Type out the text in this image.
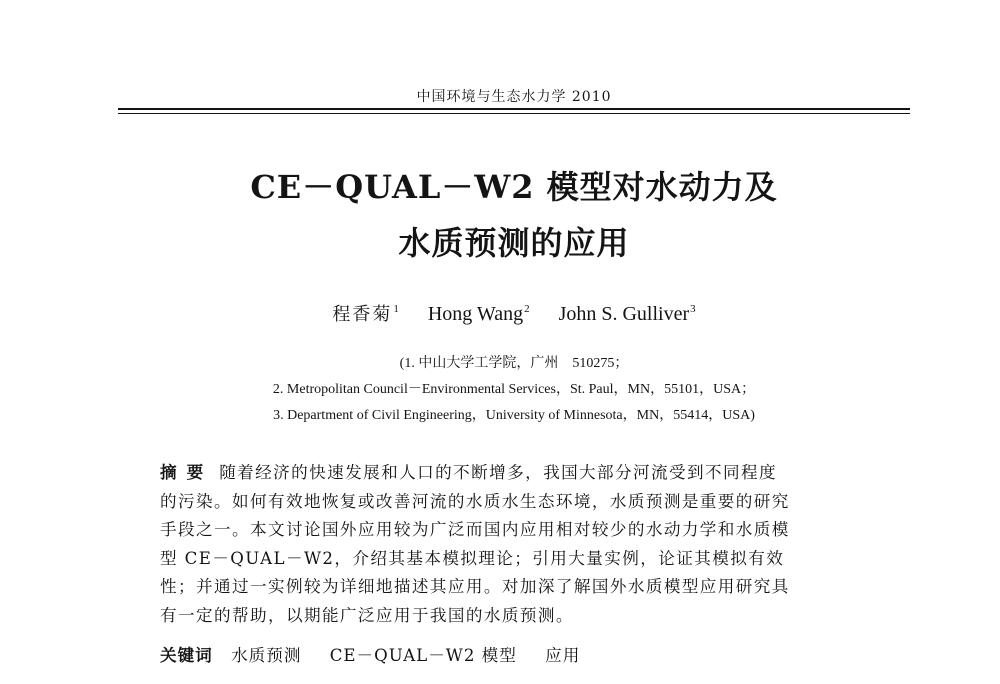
中国环境与生态水力学 2010
CE－QUAL－W2 模型对水动力及
水质预测的应用
程香菊$^1$ Hong Wang$^2$ John S. Gulliver$^3$
(1. 中山大学工学院，广州　510275；
2. Metropolitan Council－Environmental Services，St. Paul，MN，55101，USA；
3. Department of Civil Engineering，University of Minnesota，MN，55414，USA)
摘要 随着经济的快速发展和人口的不断增多，我国大部分河流受到不同程度
的污染。如何有效地恢复或改善河流的水质水生态环境，水质预测是重要的研究
手段之一。本文讨论国外应用较为广泛而国内应用相对较少的水动力学和水质模
型 CE－QUAL－W2，介绍其基本模拟理论；引用大量实例，论证其模拟有效
性；并通过一实例较为详细地描述其应用。对加深了解国外水质模型应用研究具
有一定的帮助，以期能广泛应用于我国的水质预测。
关键词 水质预测 CE－QUAL－W2 模型 应用
